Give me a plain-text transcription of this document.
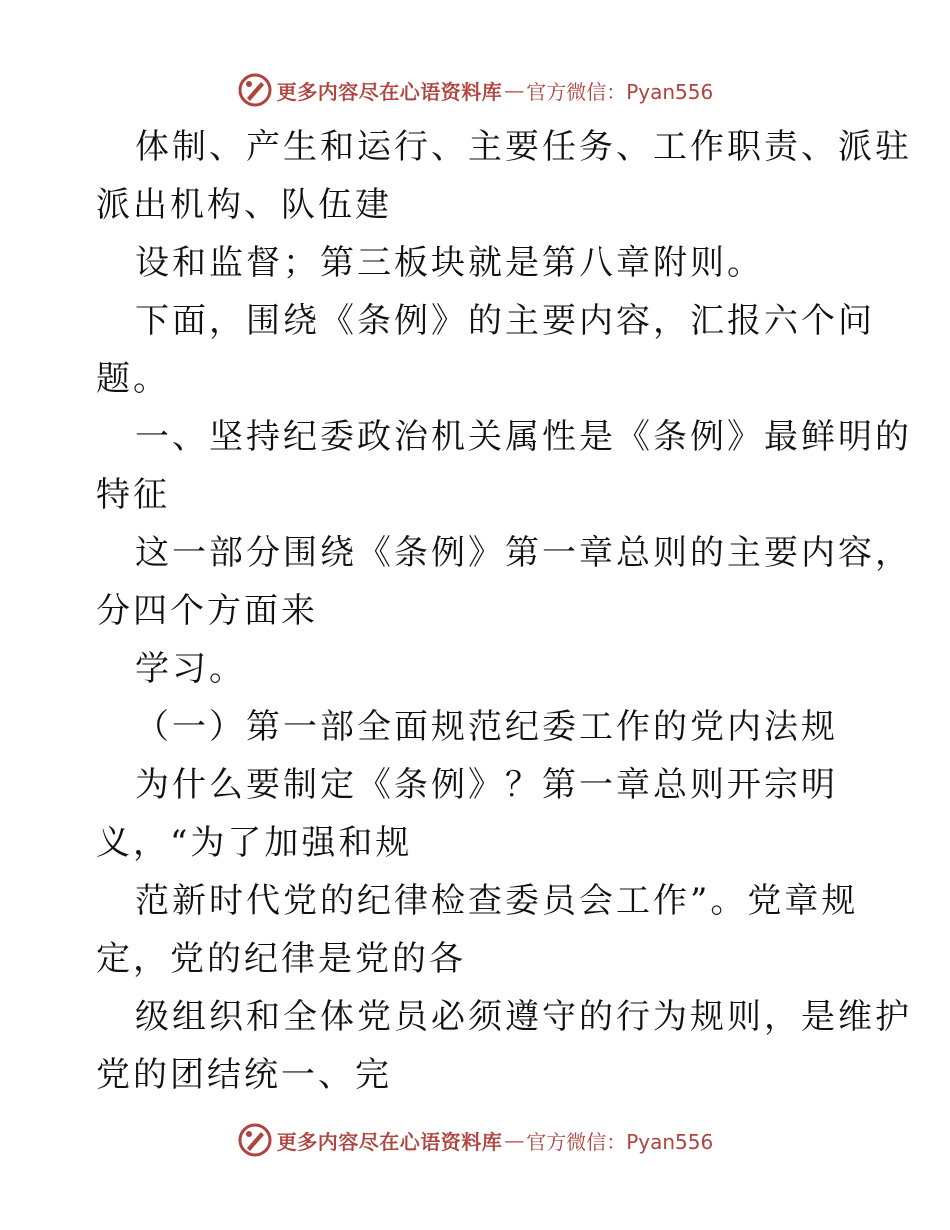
更多内容尽在心语资料库 — 官方微信：Pyan556
体制、产生和运行、主要任务、工作职责、派驻
派出机构、队伍建
设和监督；第三板块就是第八章附则。
下面，围绕《条例》的主要内容，汇报六个问
题。
一、坚持纪委政治机关属性是《条例》最鲜明的
特征
这一部分围绕《条例》第一章总则的主要内容，
分四个方面来
学习。
（一）第一部全面规范纪委工作的党内法规
为什么要制定《条例》？第一章总则开宗明
义，“为了加强和规
范新时代党的纪律检查委员会工作”。党章规
定，党的纪律是党的各
级组织和全体党员必须遵守的行为规则，是维护
党的团结统一、完
更多内容尽在心语资料库 — 官方微信：Pyan556
